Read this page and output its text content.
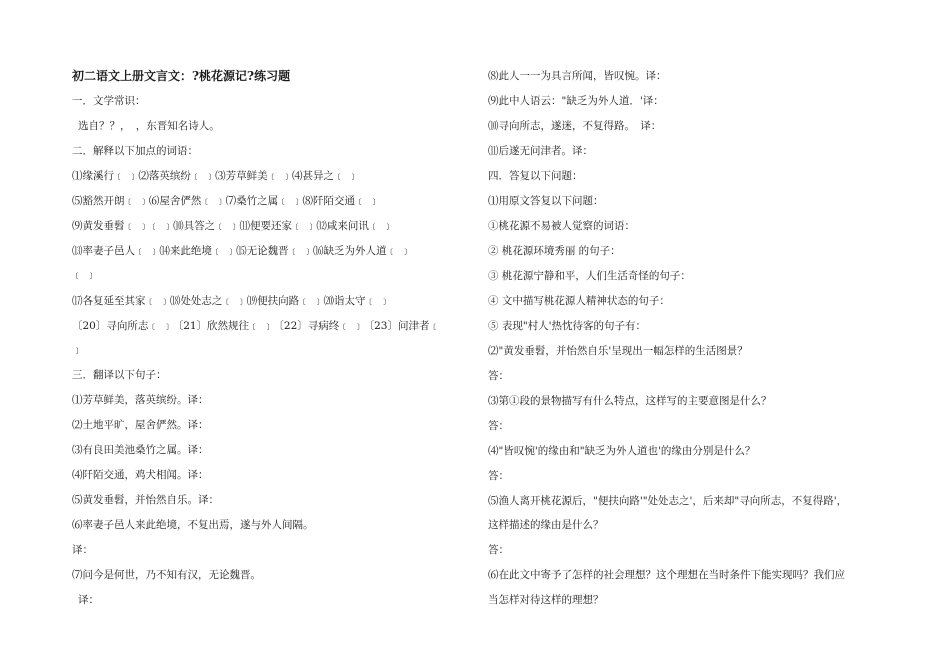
初二语文上册文言文：?桃花源记?练习题
一．文学常识：
选自？？，　，东晋知名诗人。
二．解释以下加点的词语：
⑴缘溪行﹝ ﹞⑵落英缤纷﹝ ﹞⑶芳草鲜美﹝ ﹞⑷甚异之﹝ ﹞
⑸豁然开朗﹝ ﹞⑹屋舍俨然﹝ ﹞⑺桑竹之属﹝ ﹞⑻阡陌交通﹝ ﹞
⑼黄发垂髫﹝ ﹞﹝ ﹞⑽具答之﹝ ﹞⑾便要还家﹝ ﹞⑿咸来问讯﹝ ﹞
⒀率妻子邑人﹝ ﹞⒁来此绝境﹝ ﹞⒂无论魏晋﹝ ﹞⒃缺乏为外人道﹝ ﹞
﹝ ﹞
⒄各复延至其家﹝ ﹞⒅处处志之﹝ ﹞⒆便扶向路﹝ ﹞⒇诣太守﹝ ﹞
〔20〕寻向所志﹝ ﹞〔21〕欣然规往﹝ ﹞〔22〕寻病终﹝ ﹞〔23〕问津者﹝
﹞
三．翻译以下句子：
⑴芳草鲜美，落英缤纷。译：
⑵土地平旷，屋舍俨然。译：
⑶有良田美池桑竹之属。译：
⑷阡陌交通，鸡犬相闻。译：
⑸黄发垂髫，并怡然自乐。译：
⑹率妻子邑人来此绝境，不复出焉，遂与外人间隔。
译：
⑺问今是何世，乃不知有汉，无论魏晋。
译：
⑻此人一一为具言所闻，皆叹惋。译：
⑼此中人语云："缺乏为外人道．'译：
⑽寻向所志，遂迷，不复得路。　译：
⑾后遂无问津者。译：
四．答复以下问题：
⑴用原文答复以下问题：
①桃花源不易被人觉察的词语：
② 桃花源环境秀丽 的句子：
③ 桃花源宁静和平，人们生活奇怪的句子：
④ 文中描写桃花源人精神状态的句子：
⑤ 表现"村人'热忱待客的句子有：
⑵"黄发垂髫，并怡然自乐'呈现出一幅怎样的生活图景？
答：
⑶第①段的景物描写有什么特点，这样写的主要意图是什么？
答：
⑷"皆叹惋'的缘由和"缺乏为外人道也'的缘由分别是什么？
答：
⑸渔人离开桃花源后，"便扶向路'"处处志之'，后来却"寻向所志，不复得路'，
这样描述的缘由是什么？
答：
⑹在此文中寄予了怎样的社会理想？这个理想在当时条件下能实现吗？我们应
当怎样对待这样的理想？
